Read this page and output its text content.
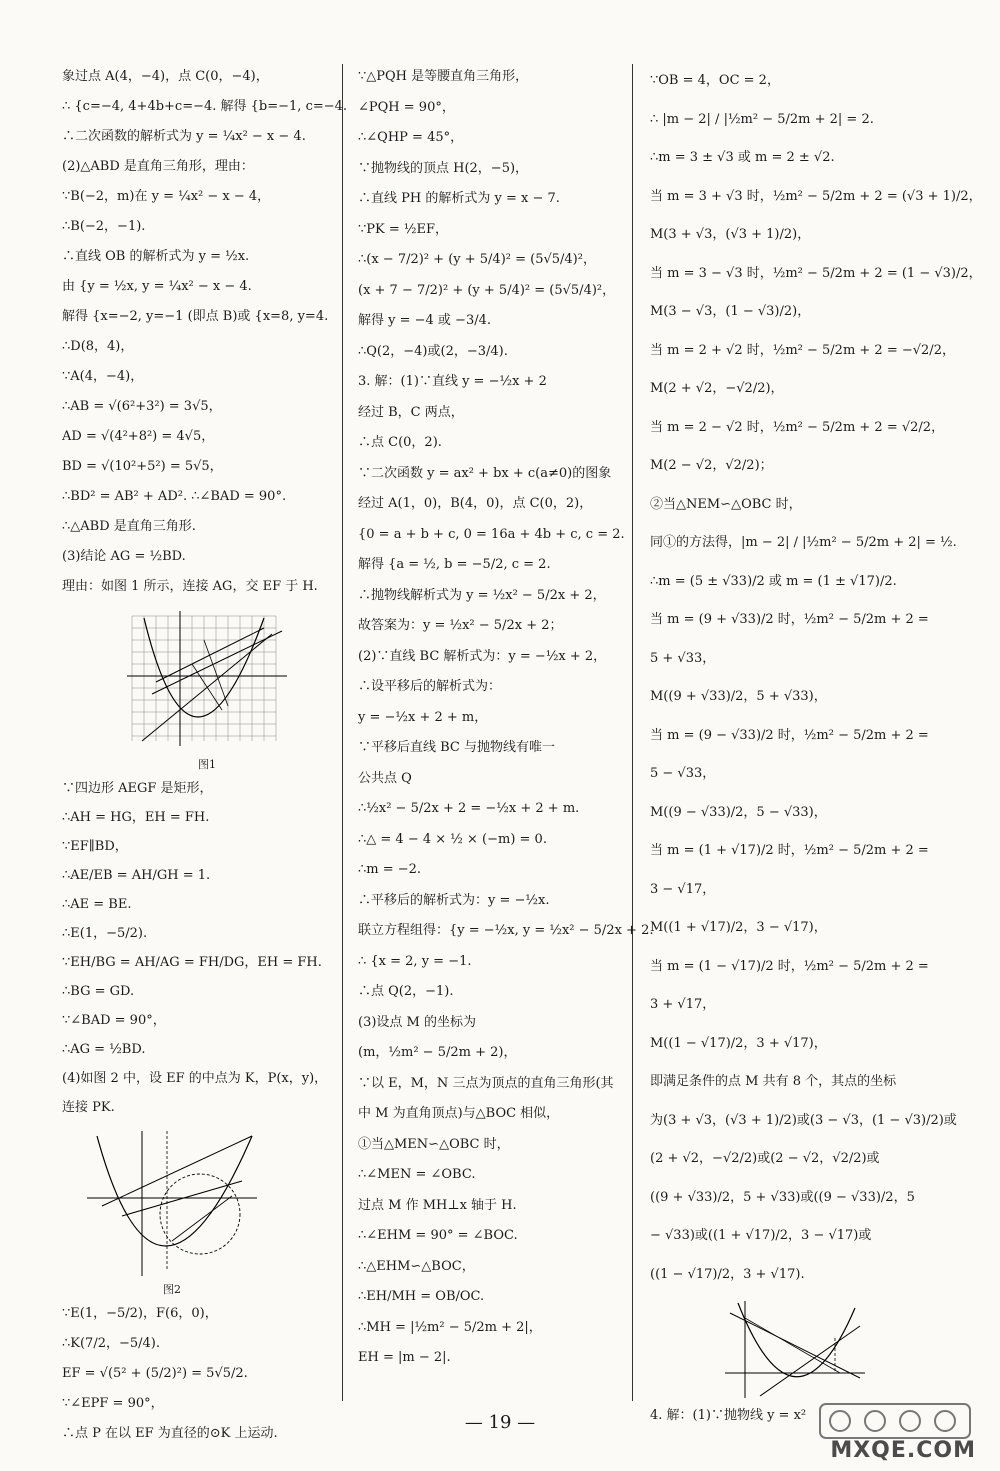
象过点 A(4，−4)，点 C(0，−4)，
∴ {c=−4, 4+4b+c=−4. 解得 {b=−1, c=−4.
∴二次函数的解析式为 y = ¼x² − x − 4.
(2)△ABD 是直角三角形，理由：
∵B(−2，m)在 y = ¼x² − x − 4，
∴B(−2，−1).
∴直线 OB 的解析式为 y = ½x.
由 {y = ½x, y = ¼x² − x − 4.
解得 {x=−2, y=−1 (即点 B)或 {x=8, y=4.
∴D(8，4)，
∵A(4，−4)，
∴AB = √(6²+3²) = 3√5，
AD = √(4²+8²) = 4√5，
BD = √(10²+5²) = 5√5，
∴BD² = AB² + AD². ∴∠BAD = 90°.
∴△ABD 是直角三角形.
(3)结论 AG = ½BD.
理由：如图 1 所示，连接 AG，交 EF 于 H.
图1
∵四边形 AEGF 是矩形，
∴AH = HG，EH = FH.
∵EF∥BD，
∴AE/EB = AH/GH = 1.
∴AE = BE.
∴E(1，−5/2).
∵EH/BG = AH/AG = FH/DG，EH = FH.
∴BG = GD.
∵∠BAD = 90°，
∴AG = ½BD.
(4)如图 2 中，设 EF 的中点为 K，P(x，y)，
连接 PK.
图2
∵E(1，−5/2)，F(6，0)，
∴K(7/2，−5/4).
EF = √(5² + (5/2)²) = 5√5/2.
∵∠EPF = 90°，
∴点 P 在以 EF 为直径的⊙K 上运动.
∵△PQH 是等腰直角三角形，
∠PQH = 90°，
∴∠QHP = 45°，
∵抛物线的顶点 H(2，−5)，
∴直线 PH 的解析式为 y = x − 7.
∵PK = ½EF，
∴(x − 7/2)² + (y + 5/4)² = (5√5/4)²，
(x + 7 − 7/2)² + (y + 5/4)² = (5√5/4)²，
解得 y = −4 或 −3/4.
∴Q(2，−4)或(2，−3/4).
3. 解：(1)∵直线 y = −½x + 2
经过 B，C 两点，
∴点 C(0，2).
∵二次函数 y = ax² + bx + c(a≠0)的图象
经过 A(1，0)，B(4，0)，点 C(0，2)，
{0 = a + b + c, 0 = 16a + 4b + c, c = 2.
解得 {a = ½, b = −5/2, c = 2.
∴抛物线解析式为 y = ½x² − 5/2x + 2，
故答案为：y = ½x² − 5/2x + 2；
(2)∵直线 BC 解析式为：y = −½x + 2，
∴设平移后的解析式为：
y = −½x + 2 + m，
∵平移后直线 BC 与抛物线有唯一
公共点 Q
∴½x² − 5/2x + 2 = −½x + 2 + m.
∴△ = 4 − 4 × ½ × (−m) = 0.
∴m = −2.
∴平移后的解析式为：y = −½x.
联立方程组得：{y = −½x, y = ½x² − 5/2x + 2.
∴ {x = 2, y = −1.
∴点 Q(2，−1).
(3)设点 M 的坐标为
(m，½m² − 5/2m + 2)，
∵以 E，M，N 三点为顶点的直角三角形(其
中 M 为直角顶点)与△BOC 相似，
①当△MEN∽△OBC 时，
∴∠MEN = ∠OBC.
过点 M 作 MH⊥x 轴于 H.
∴∠EHM = 90° = ∠BOC.
∴△EHM∽△BOC，
∴EH/MH = OB/OC.
∴MH = |½m² − 5/2m + 2|，
EH = |m − 2|.
∵OB = 4，OC = 2，
∴ |m − 2| / |½m² − 5/2m + 2| = 2.
∴m = 3 ± √3 或 m = 2 ± √2.
当 m = 3 + √3 时，½m² − 5/2m + 2 = (√3 + 1)/2，
M(3 + √3，(√3 + 1)/2)，
当 m = 3 − √3 时，½m² − 5/2m + 2 = (1 − √3)/2，
M(3 − √3，(1 − √3)/2)，
当 m = 2 + √2 时，½m² − 5/2m + 2 = −√2/2，
M(2 + √2，−√2/2)，
当 m = 2 − √2 时，½m² − 5/2m + 2 = √2/2，
M(2 − √2，√2/2)；
②当△NEM∽△OBC 时，
同①的方法得，|m − 2| / |½m² − 5/2m + 2| = ½.
∴m = (5 ± √33)/2 或 m = (1 ± √17)/2.
当 m = (9 + √33)/2 时，½m² − 5/2m + 2 =
5 + √33，
M((9 + √33)/2，5 + √33)，
当 m = (9 − √33)/2 时，½m² − 5/2m + 2 =
5 − √33，
M((9 − √33)/2，5 − √33)，
当 m = (1 + √17)/2 时，½m² − 5/2m + 2 =
3 − √17，
M((1 + √17)/2，3 − √17)，
当 m = (1 − √17)/2 时，½m² − 5/2m + 2 =
3 + √17，
M((1 − √17)/2，3 + √17)，
即满足条件的点 M 共有 8 个，其点的坐标
为(3 + √3，(√3 + 1)/2)或(3 − √3，(1 − √3)/2)或
(2 + √2，−√2/2)或(2 − √2，√2/2)或
((9 + √33)/2，5 + √33)或((9 − √33)/2，5
− √33)或((1 + √17)/2，3 − √17)或
((1 − √17)/2，3 + √17).
4. 解：(1)∵抛物线 y = x²
— 19 —
MXQE.COM
